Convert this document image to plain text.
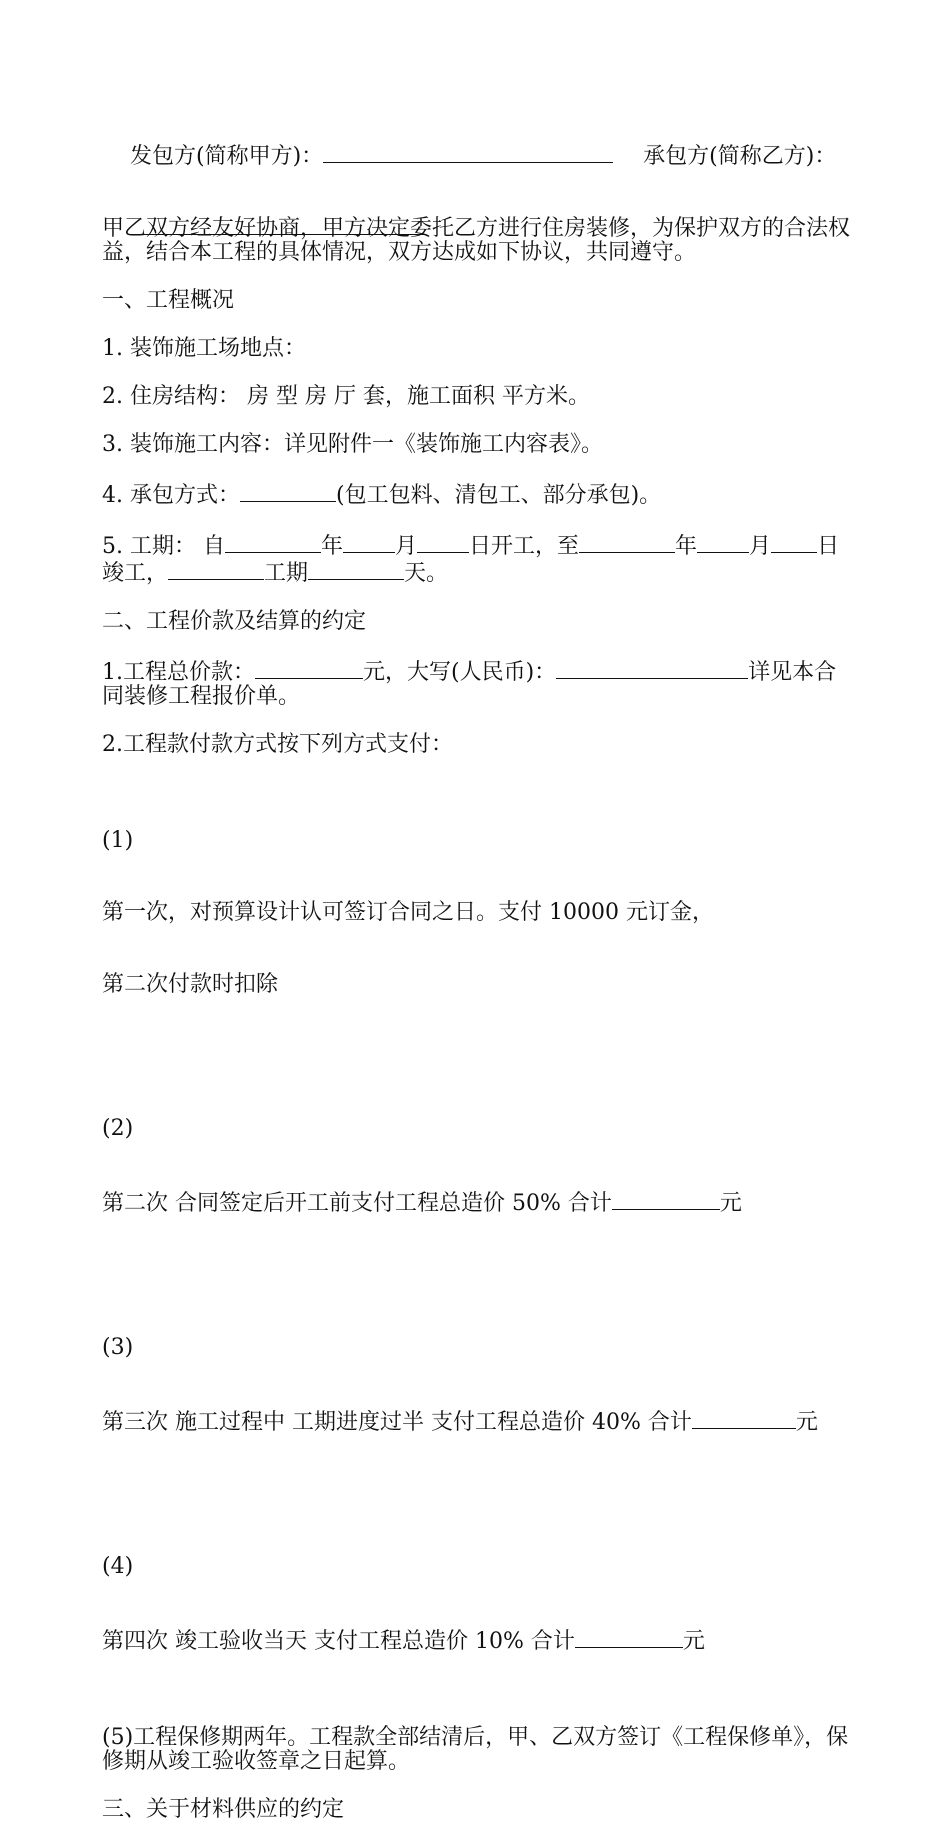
发包方(简称甲方)：	承包方(简称乙方)：

甲乙双方经友好协商，甲方决定委托乙方进行住房装修，为保护双方的合法权益，结合本工程的具体情况，双方达成如下协议，共同遵守。
一、工程概况
1. 装饰施工场地点：
2. 住房结构： 房 型 房 厅 套，施工面积 平方米。
3. 装饰施工内容：详见附件一《装饰施工内容表》。
4. 承包方式：	(包工包料、清包工、部分承包)。
5. 工期： 自	年 月 日开工，至	年 月 日竣工，	工期	天。
二、工程价款及结算的约定
1.工程总价款：	元，大写(人民币)：	详见本合同装修工程报价单。
2.工程款付款方式按下列方式支付：

(1)

第一次，对预算设计认可签订合同之日。支付 10000 元订金，

第二次付款时扣除

(2)

第二次 合同签定后开工前支付工程总造价 50% 合计	元

(3)

第三次 施工过程中 工期进度过半 支付工程总造价 40% 合计	元

(4)

第四次 竣工验收当天 支付工程总造价 10% 合计	元

(5)工程保修期两年。工程款全部结清后，甲、乙双方签订《工程保修单》，保修期从竣工验收签章之日起算。
三、关于材料供应的约定
